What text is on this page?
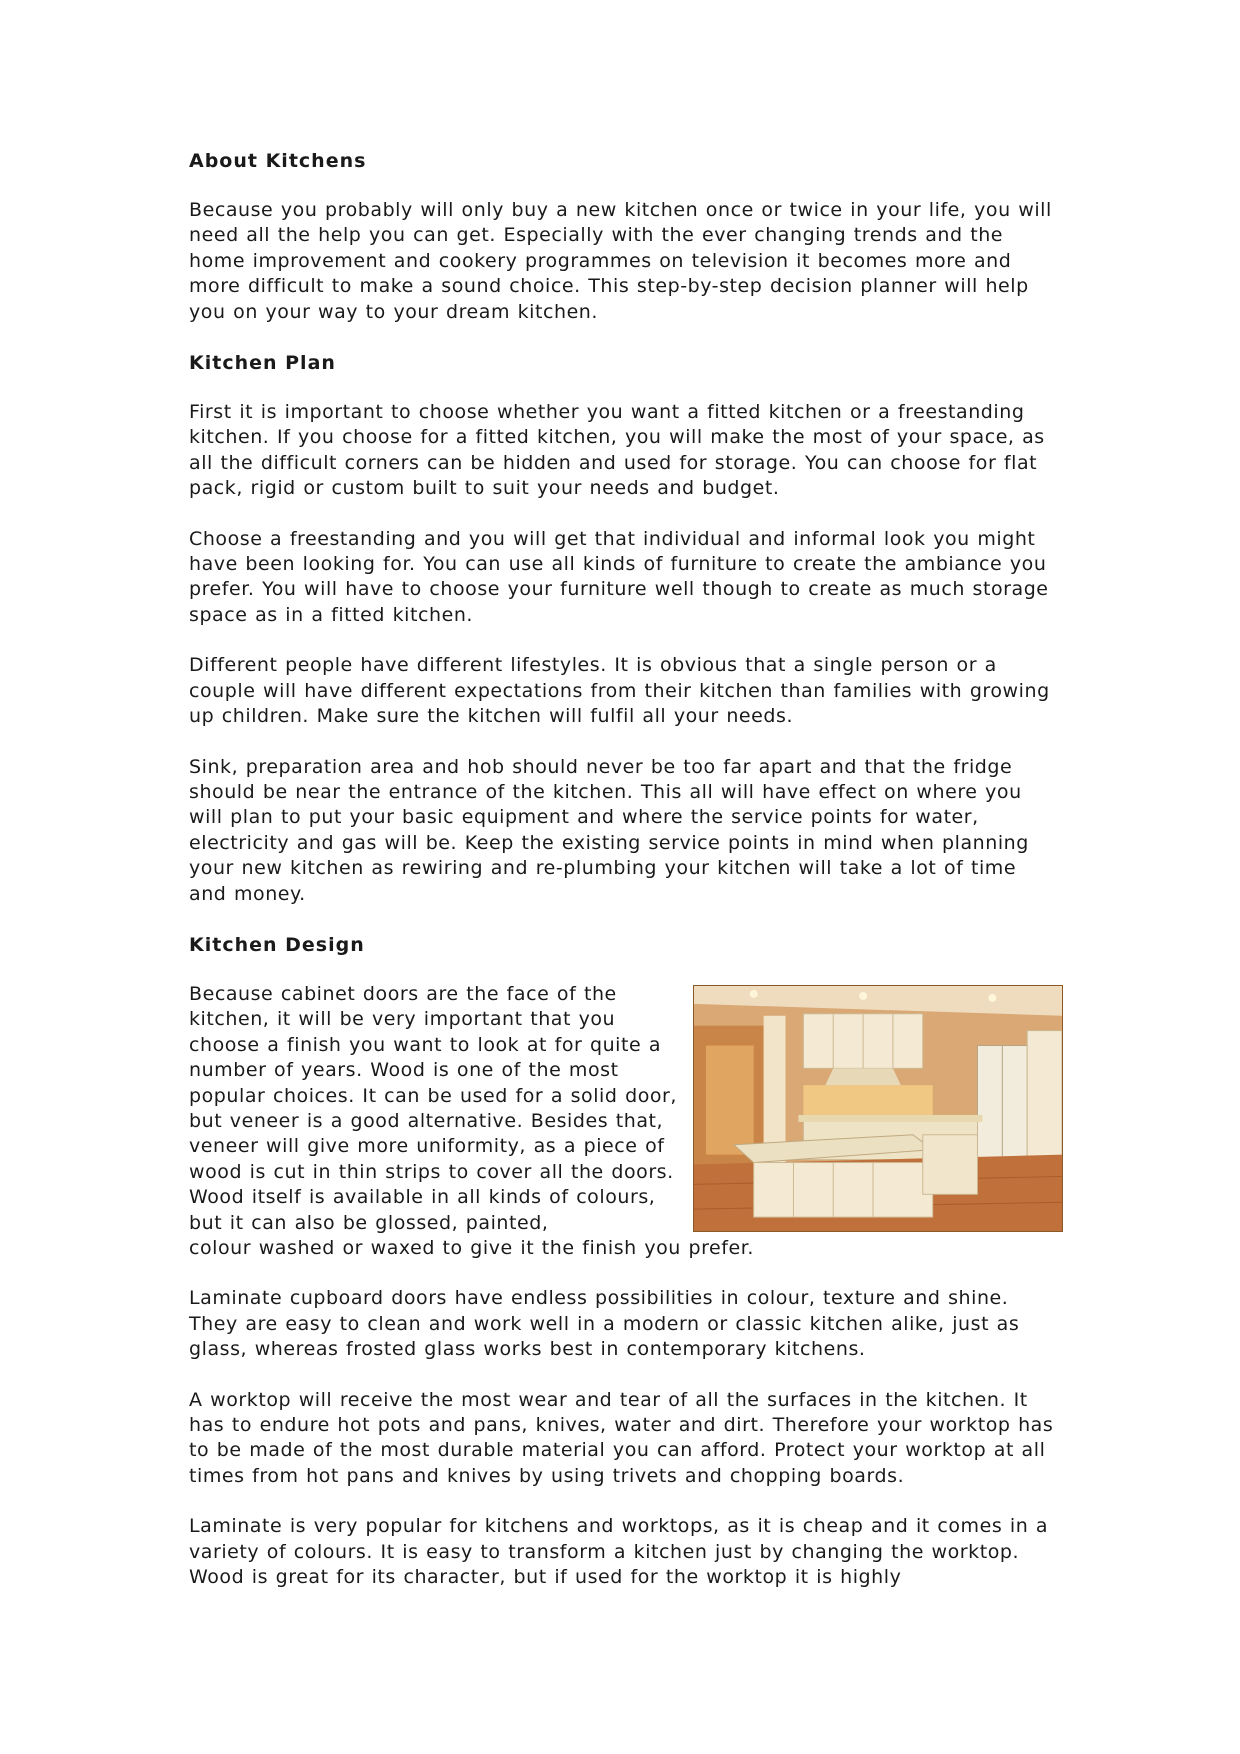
About Kitchens

Because you probably will only buy a new kitchen once or twice in your life, you will need all the help you can get. Especially with the ever changing trends and the home improvement and cookery programmes on television it becomes more and more difficult to make a sound choice. This step-by-step decision planner will help you on your way to your dream kitchen.

Kitchen Plan

First it is important to choose whether you want a fitted kitchen or a freestanding kitchen. If you choose for a fitted kitchen, you will make the most of your space, as all the difficult corners can be hidden and used for storage. You can choose for flat pack, rigid or custom built to suit your needs and budget.

Choose a freestanding and you will get that individual and informal look you might have been looking for. You can use all kinds of furniture to create the ambiance you prefer. You will have to choose your furniture well though to create as much storage space as in a fitted kitchen.

Different people have different lifestyles. It is obvious that a single person or a couple will have different expectations from their kitchen than families with growing up children. Make sure the kitchen will fulfil all your needs.

Sink, preparation area and hob should never be too far apart and that the fridge should be near the entrance of the kitchen. This all will have effect on where you will plan to put your basic equipment and where the service points for water, electricity and gas will be. Keep the existing service points in mind when planning your new kitchen as rewiring and re-plumbing your kitchen will take a lot of time and money.

Kitchen Design
Because cabinet doors are the face of the kitchen, it will be very important that you choose a finish you want to look at for quite a number of years. Wood is one of the most popular choices. It can be used for a solid door, but veneer is a good alternative. Besides that, veneer will give more uniformity, as a piece of wood is cut in thin strips to cover all the doors. Wood itself is available in all kinds of colours, but it can also be glossed, painted,
colour washed or waxed to give it the finish you prefer.

Laminate cupboard doors have endless possibilities in colour, texture and shine. They are easy to clean and work well in a modern or classic kitchen alike, just as glass, whereas frosted glass works best in contemporary kitchens.

A worktop will receive the most wear and tear of all the surfaces in the kitchen. It has to endure hot pots and pans, knives, water and dirt. Therefore your worktop has to be made of the most durable material you can afford. Protect your worktop at all times from hot pans and knives by using trivets and chopping boards.

Laminate is very popular for kitchens and worktops, as it is cheap and it comes in a variety of colours. It is easy to transform a kitchen just by changing the worktop. Wood is great for its character, but if used for the worktop it is highly
